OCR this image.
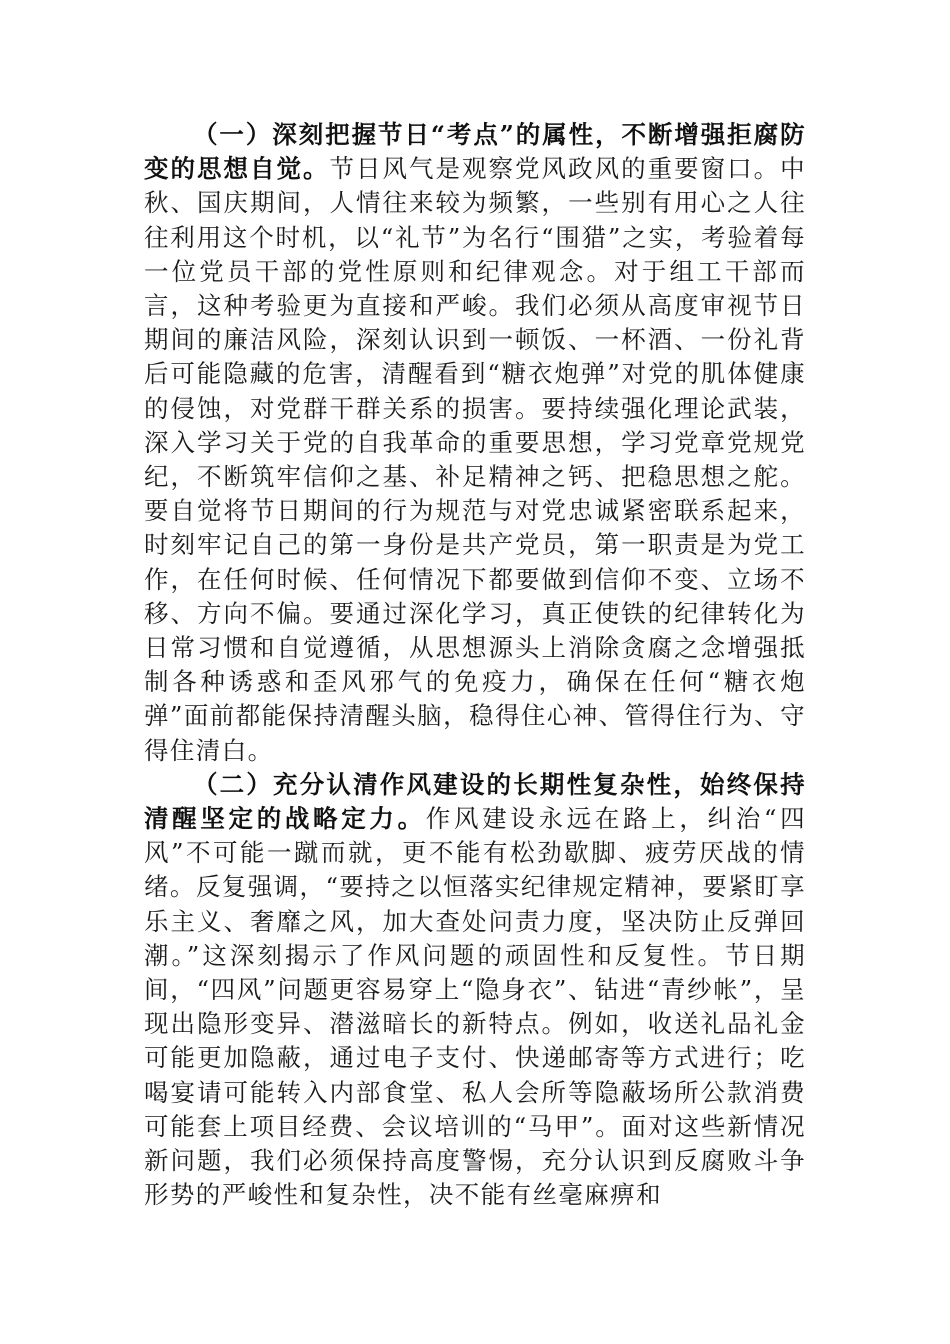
（一）深刻把握节日“考点”的属性，不断增强拒腐防变的思想自觉。节日风气是观察党风政风的重要窗口。中秋、国庆期间，人情往来较为频繁，一些别有用心之人往往利用这个时机，以“礼节”为名行“围猎”之实，考验着每一位党员干部的党性原则和纪律观念。对于组工干部而言，这种考验更为直接和严峻。我们必须从高度审视节日期间的廉洁风险，深刻认识到一顿饭、一杯酒、一份礼背后可能隐藏的危害，清醒看到“糖衣炮弹”对党的肌体健康的侵蚀，对党群干群关系的损害。要持续强化理论武装，深入学习关于党的自我革命的重要思想，学习党章党规党纪，不断筑牢信仰之基、补足精神之钙、把稳思想之舵。要自觉将节日期间的行为规范与对党忠诚紧密联系起来，时刻牢记自己的第一身份是共产党员，第一职责是为党工作，在任何时候、任何情况下都要做到信仰不变、立场不移、方向不偏。要通过深化学习，真正使铁的纪律转化为日常习惯和自觉遵循，从思想源头上消除贪腐之念增强抵制各种诱惑和歪风邪气的免疫力，确保在任何“糖衣炮弹”面前都能保持清醒头脑，稳得住心神、管得住行为、守得住清白。

（二）充分认清作风建设的长期性复杂性，始终保持清醒坚定的战略定力。作风建设永远在路上，纠治“四风”不可能一蹴而就，更不能有松劲歇脚、疲劳厌战的情绪。反复强调，“要持之以恒落实纪律规定精神，要紧盯享乐主义、奢靡之风，加大查处问责力度，坚决防止反弹回潮。”这深刻揭示了作风问题的顽固性和反复性。节日期间，“四风”问题更容易穿上“隐身衣”、钻进“青纱帐”，呈现出隐形变异、潜滋暗长的新特点。例如，收送礼品礼金可能更加隐蔽，通过电子支付、快递邮寄等方式进行；吃喝宴请可能转入内部食堂、私人会所等隐蔽场所公款消费可能套上项目经费、会议培训的“马甲”。面对这些新情况新问题，我们必须保持高度警惕，充分认识到反腐败斗争形势的严峻性和复杂性，决不能有丝毫麻痹和
